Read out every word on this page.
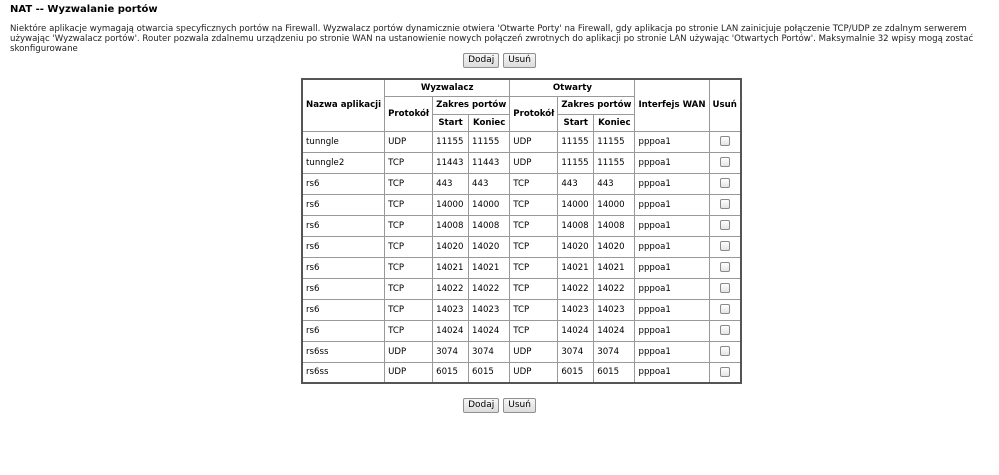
NAT -- Wyzwalanie portów
Niektóre aplikacje wymagają otwarcia specyficznych portów na Firewall. Wyzwalacz portów dynamicznie otwiera 'Otwarte Porty' na Firewall, gdy aplikacja po stronie LAN zainicjuje połączenie TCP/UDP ze zdalnym serwerem używając 'Wyzwalacz portów'. Router pozwala zdalnemu urządzeniu po stronie WAN na ustanowienie nowych połączeń zwrotnych do aplikacji po stronie LAN używając 'Otwartych Portów'. Maksymalnie 32 wpisy mogą zostać skonfigurowane
Dodaj Usuń
Nazwa aplikacji	Wyzwalacz			Otwarty			Interfejs WAN	Usuń
	Protokół	Zakres portów		Protokół	Zakres portów			
		Start	Koniec		Start	Koniec		
tunngle	UDP	11155	11155	UDP	11155	11155	pppoa1	
tunngle2	TCP	11443	11443	UDP	11155	11155	pppoa1	
rs6	TCP	443	443	TCP	443	443	pppoa1	
rs6	TCP	14000	14000	TCP	14000	14000	pppoa1	
rs6	TCP	14008	14008	TCP	14008	14008	pppoa1	
rs6	TCP	14020	14020	TCP	14020	14020	pppoa1	
rs6	TCP	14021	14021	TCP	14021	14021	pppoa1	
rs6	TCP	14022	14022	TCP	14022	14022	pppoa1	
rs6	TCP	14023	14023	TCP	14023	14023	pppoa1	
rs6	TCP	14024	14024	TCP	14024	14024	pppoa1	
rs6ss	UDP	3074	3074	UDP	3074	3074	pppoa1	
rs6ss	UDP	6015	6015	UDP	6015	6015	pppoa1	
Dodaj Usuń
